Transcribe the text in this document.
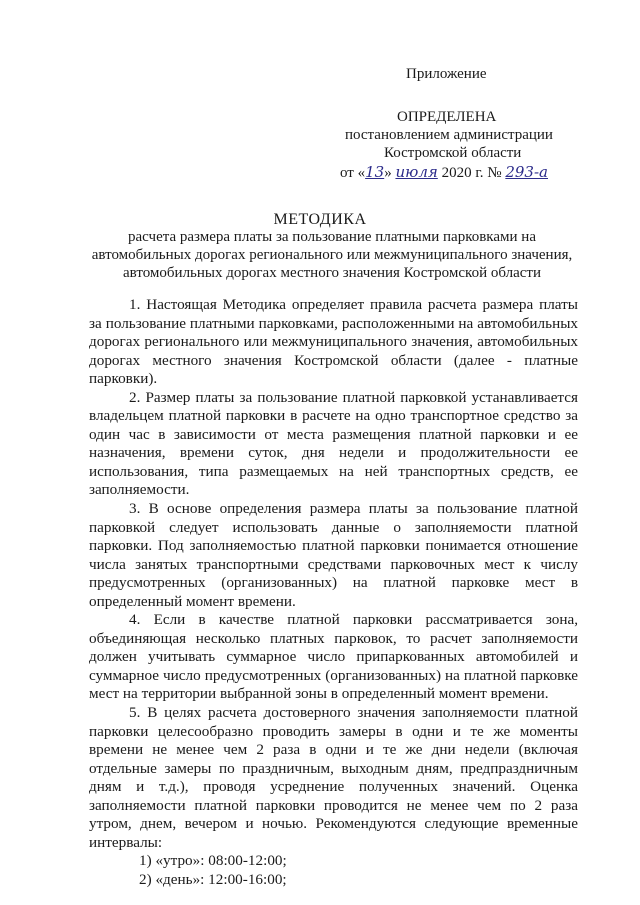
Приложение
ОПРЕДЕЛЕНА
постановлением администрации
Костромской области
от «13» июля 2020 г. № 293-а
МЕТОДИКА
расчета размера платы за пользование платными парковками на
автомобильных дорогах регионального или межмуниципального значения,
автомобильных дорогах местного значения Костромской области

1. Настоящая Методика определяет правила расчета размера платы за пользование платными парковками, расположенными на автомобильных дорогах регионального или межмуниципального значения, автомобильных дорогах местного значения Костромской области (далее - платные парковки).

2. Размер платы за пользование платной парковкой устанавливается владельцем платной парковки в расчете на одно транспортное средство за один час в зависимости от места размещения платной парковки и ее назначения, времени суток, дня недели и продолжительности ее использования, типа размещаемых на ней транспортных средств, ее заполняемости.

3. В основе определения размера платы за пользование платной парковкой следует использовать данные о заполняемости платной парковки. Под заполняемостью платной парковки понимается отношение числа занятых транспортными средствами парковочных мест к числу предусмотренных (организованных) на платной парковке мест в определенный момент времени.

4. Если в качестве платной парковки рассматривается зона, объединяющая несколько платных парковок, то расчет заполняемости должен учитывать суммарное число припаркованных автомобилей и суммарное число предусмотренных (организованных) на платной парковке мест на территории выбранной зоны в определенный момент времени.

5. В целях расчета достоверного значения заполняемости платной парковки целесообразно проводить замеры в одни и те же моменты времени не менее чем 2 раза в одни и те же дни недели (включая отдельные замеры по праздничным, выходным дням, предпраздничным дням и т.д.), проводя усреднение полученных значений. Оценка заполняемости платной парковки проводится не менее чем по 2 раза утром, днем, вечером и ночью. Рекомендуются следующие временные интервалы:

1) «утро»: 08:00-12:00;

2) «день»: 12:00-16:00;
